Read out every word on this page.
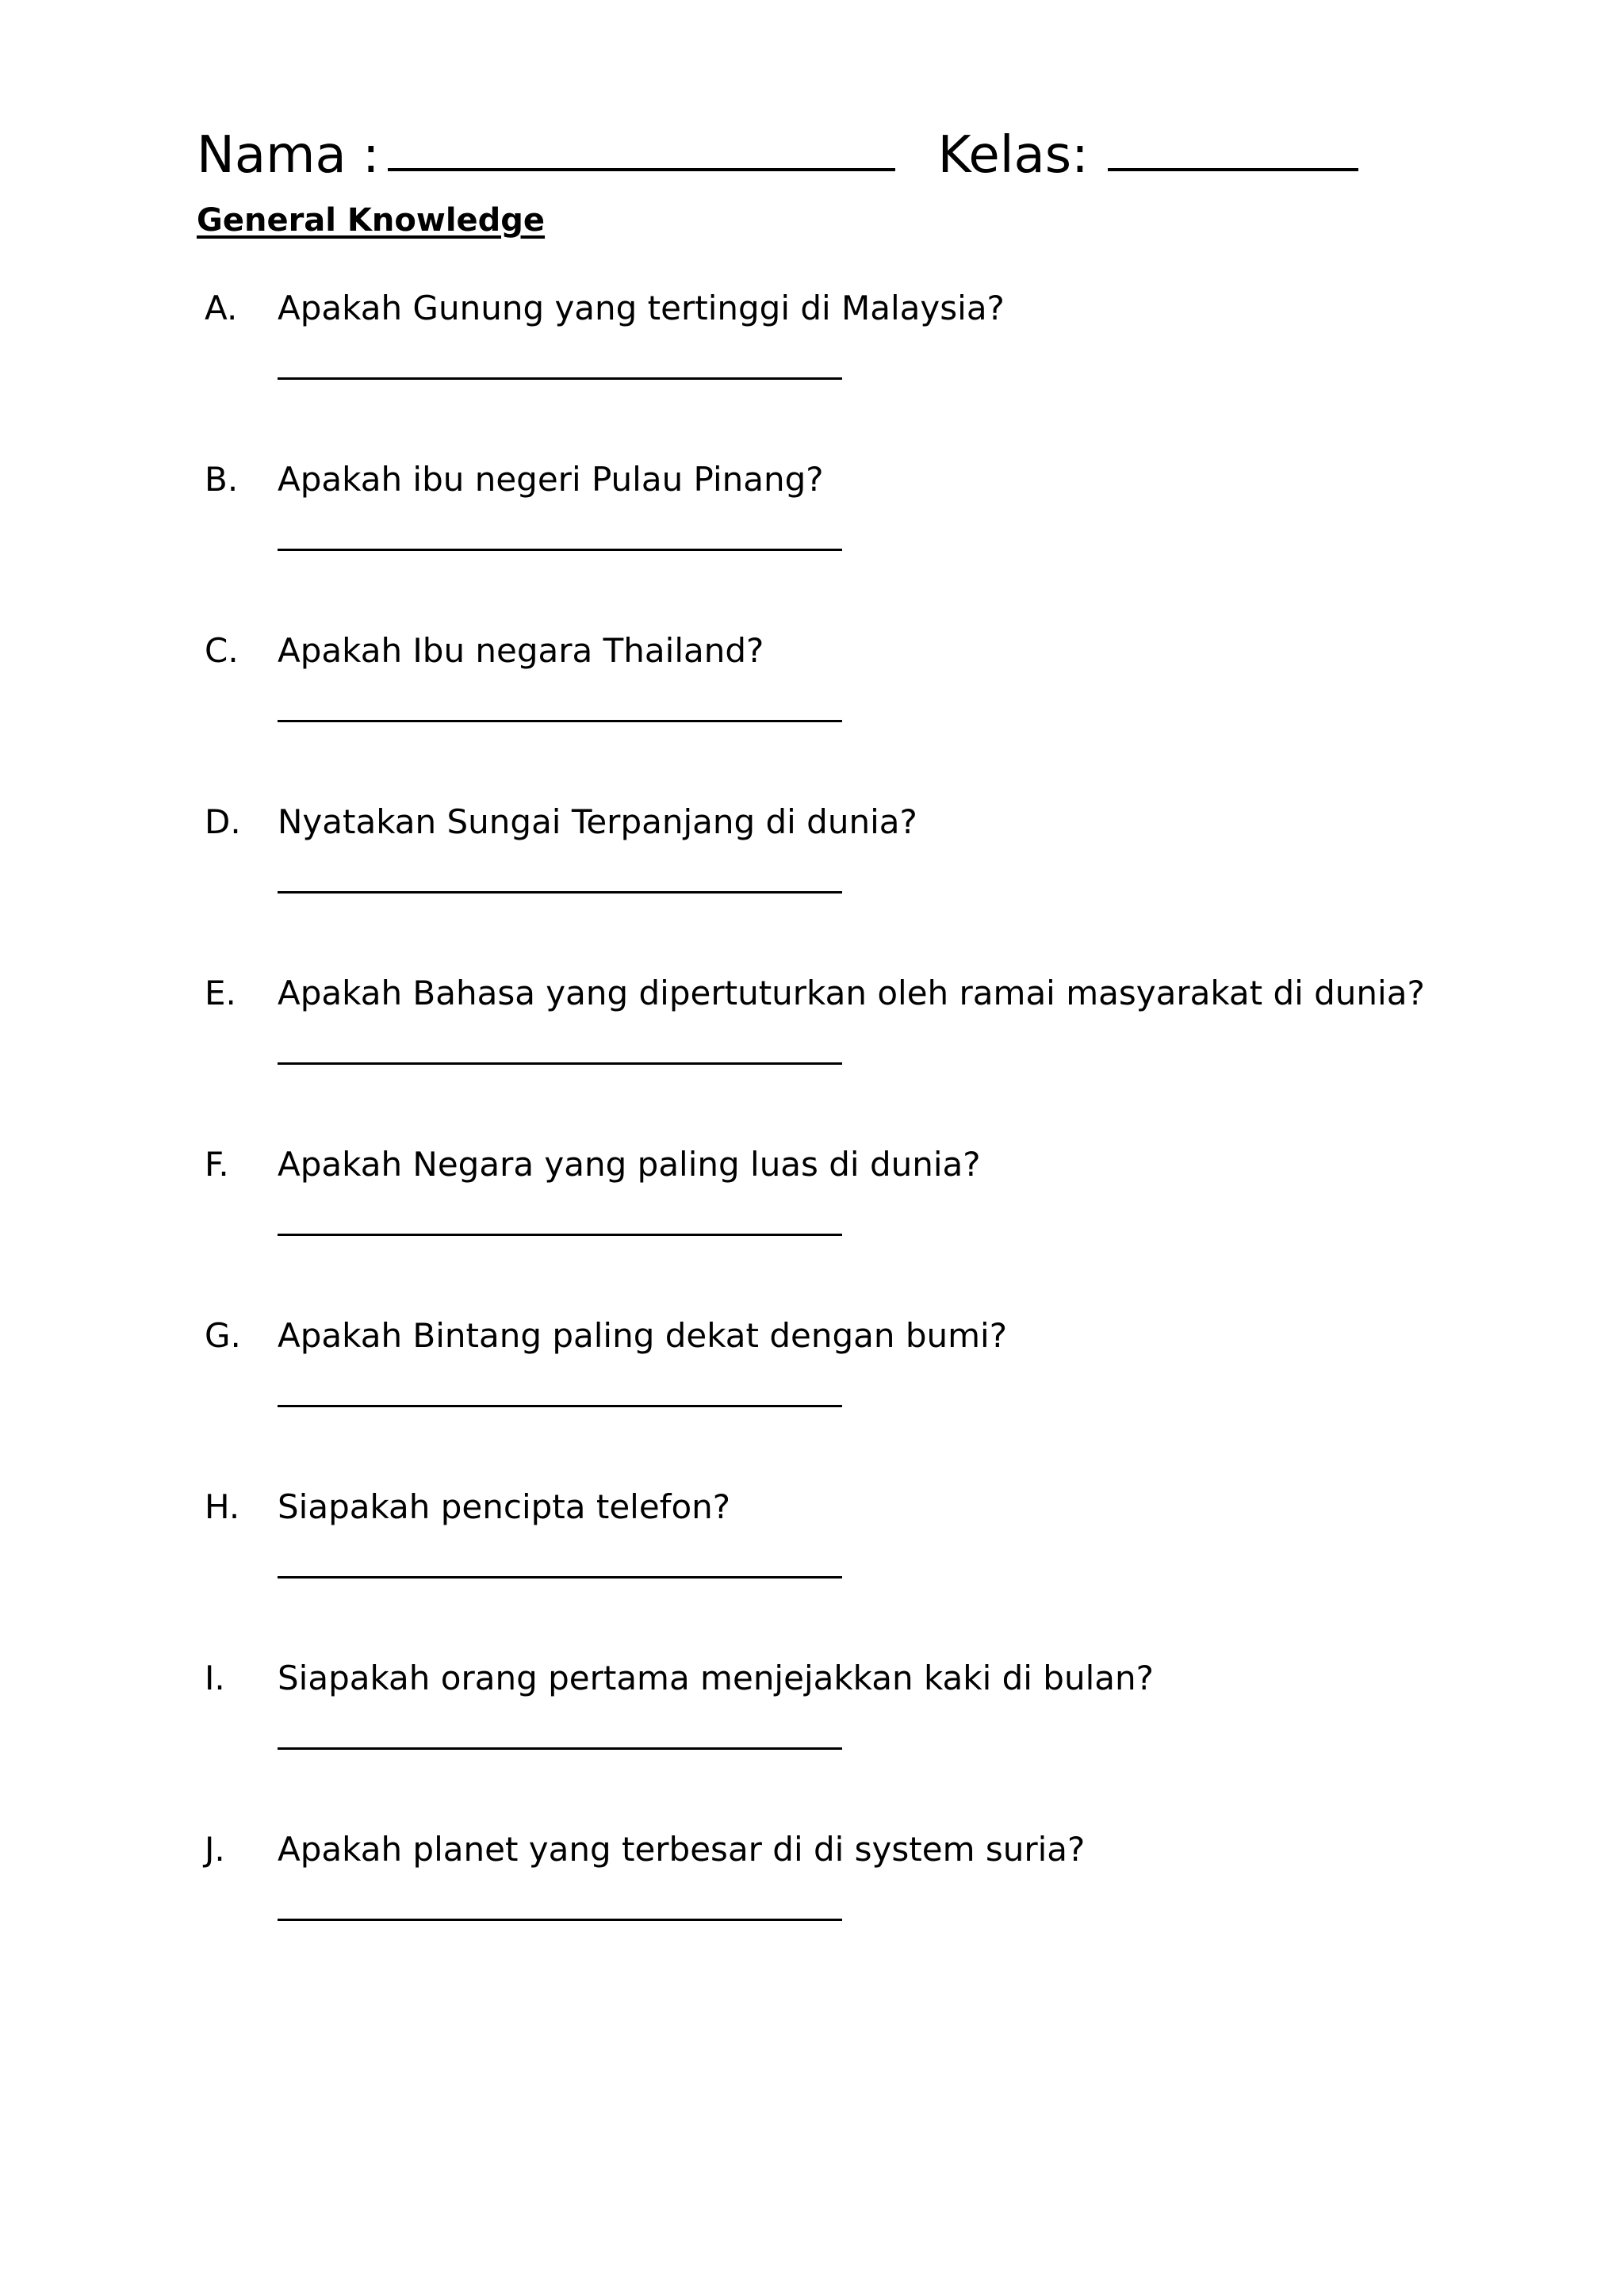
Nama :	Kelas:
General Knowledge
A. Apakah Gunung yang tertinggi di Malaysia?
B. Apakah ibu negeri Pulau Pinang?
C. Apakah Ibu negara Thailand?
D. Nyatakan Sungai Terpanjang di dunia?
E. Apakah Bahasa yang dipertuturkan oleh ramai masyarakat di dunia?
F. Apakah Negara yang paling luas di dunia?
G. Apakah Bintang paling dekat dengan bumi?
H. Siapakah pencipta telefon?
I. Siapakah orang pertama menjejakkan kaki di bulan?
J. Apakah planet yang terbesar di di system suria?
